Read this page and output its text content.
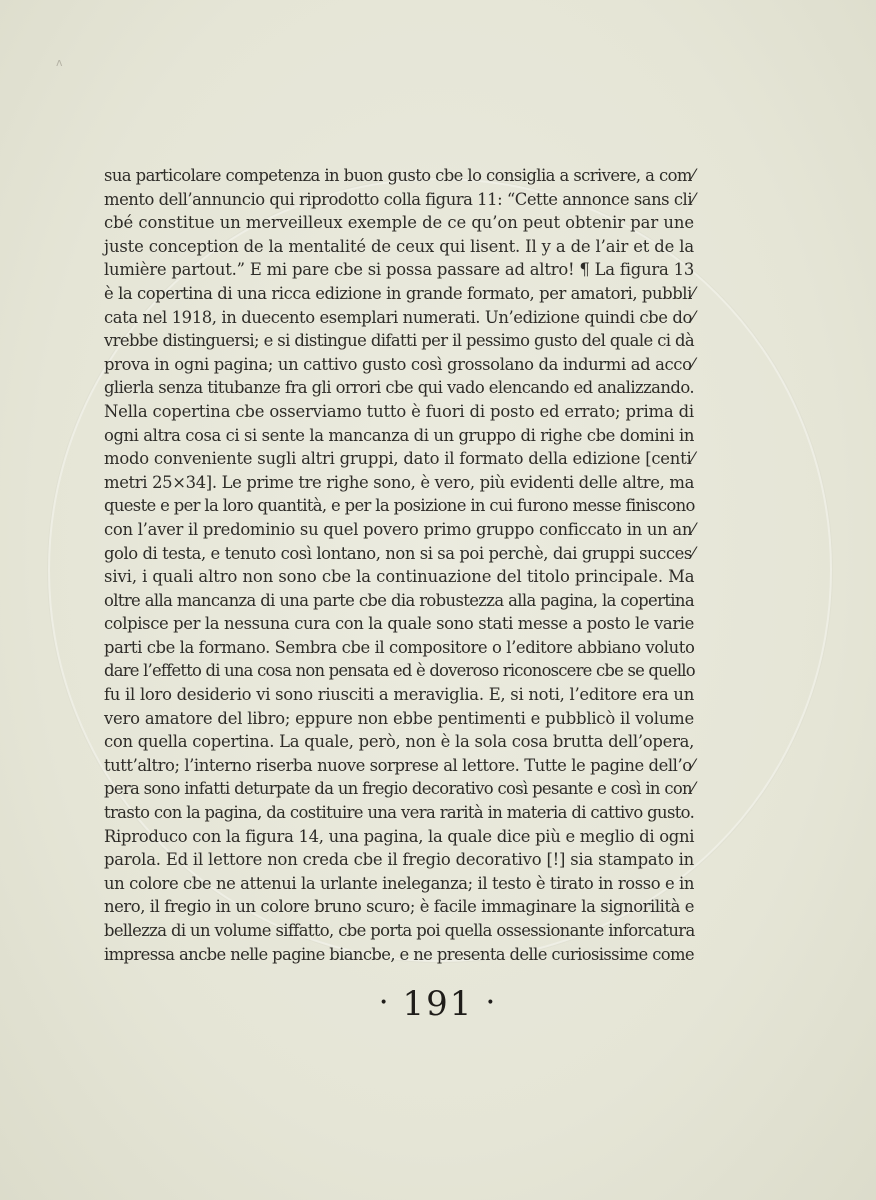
ʌ
sua particolare competenza in buon gusto cbe lo consiglia a scrivere, a com⁄
mento dell’annuncio qui riprodotto colla figura 11: “Cette annonce sans cli⁄
cbé constitue un merveilleux exemple de ce qu’on peut obtenir par une
juste conception de la mentalité de ceux qui lisent. Il y a de l’air et de la
lumière partout.” E mi pare cbe si possa passare ad altro! ¶ La figura 13
è la copertina di una ricca edizione in grande formato, per amatori, pubbli⁄
cata nel 1918, in duecento esemplari numerati. Un’edizione quindi cbe do⁄
vrebbe distinguersi; e si distingue difatti per il pessimo gusto del quale ci dà
prova in ogni pagina; un cattivo gusto così grossolano da indurmi ad acco⁄
glierla senza titubanze fra gli orrori cbe qui vado elencando ed analizzando.
Nella copertina cbe osserviamo tutto è fuori di posto ed errato; prima di
ogni altra cosa ci si sente la mancanza di un gruppo di righe cbe domini in
modo conveniente sugli altri gruppi, dato il formato della edizione [centi⁄
metri 25×34]. Le prime tre righe sono, è vero, più evidenti delle altre, ma
queste e per la loro quantità, e per la posizione in cui furono messe finiscono
con l’aver il predominio su quel povero primo gruppo conficcato in un an⁄
golo di testa, e tenuto così lontano, non si sa poi perchè, dai gruppi succes⁄
sivi, i quali altro non sono cbe la continuazione del titolo principale. Ma
oltre alla mancanza di una parte cbe dia robustezza alla pagina, la copertina
colpisce per la nessuna cura con la quale sono stati messe a posto le varie
parti cbe la formano. Sembra cbe il compositore o l’editore abbiano voluto
dare l’effetto di una cosa non pensata ed è doveroso riconoscere cbe se quello
fu il loro desiderio vi sono riusciti a meraviglia. E, si noti, l’editore era un
vero amatore del libro; eppure non ebbe pentimenti e pubblicò il volume
con quella copertina. La quale, però, non è la sola cosa brutta dell’opera,
tutt’altro; l’interno riserba nuove sorprese al lettore. Tutte le pagine dell’o⁄
pera sono infatti deturpate da un fregio decorativo così pesante e così in con⁄
trasto con la pagina, da costituire una vera rarità in materia di cattivo gusto.
Riproduco con la figura 14, una pagina, la quale dice più e meglio di ogni
parola. Ed il lettore non creda cbe il fregio decorativo [!] sia stampato in
un colore cbe ne attenui la urlante ineleganza; il testo è tirato in rosso e in
nero, il fregio in un colore bruno scuro; è facile immaginare la signorilità e
bellezza di un volume siffatto, cbe porta poi quella ossessionante inforcatura
impressa ancbe nelle pagine biancbe, e ne presenta delle curiosissime come
• 191 •
